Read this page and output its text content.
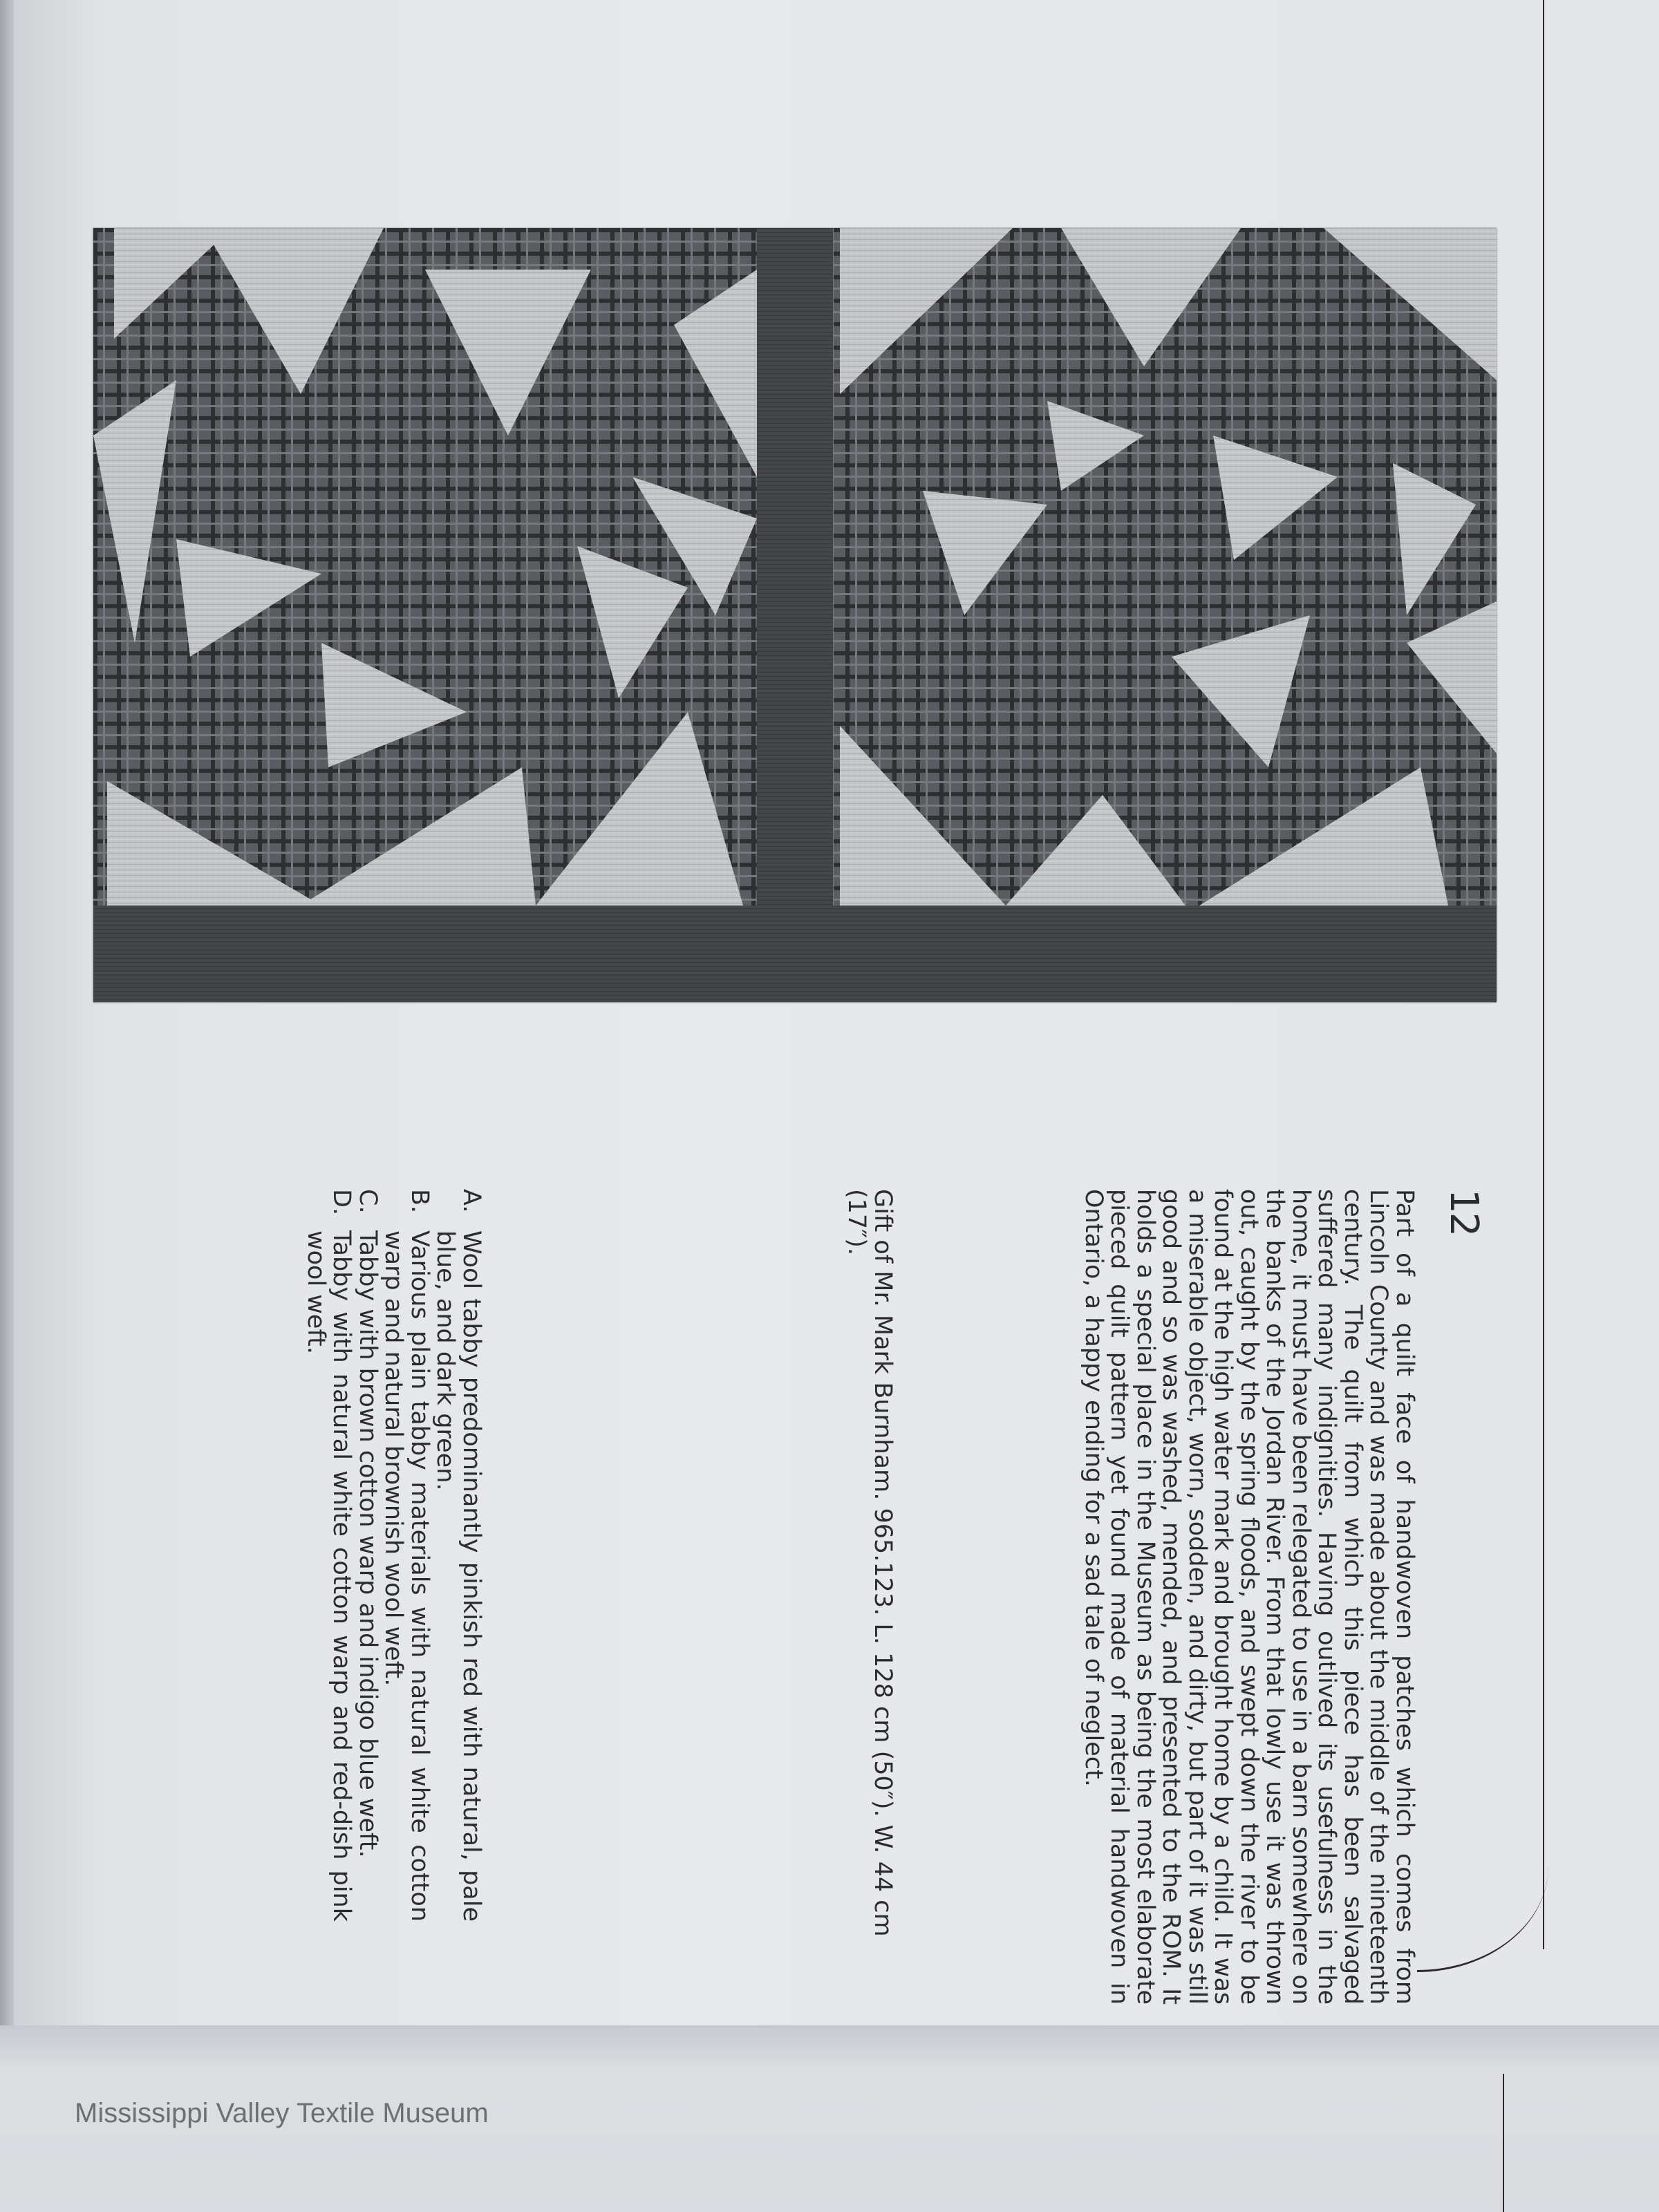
12
Part of a quilt face of handwoven patches which comes from Lincoln County and was made about the middle of the nineteenth century. The quilt from which this piece has been salvaged suffered many indignities. Having outlived its usefulness in the home, it must have been relegated to use in a barn somewhere on the banks of the Jordan River. From that lowly use it was thrown out, caught by the spring floods, and swept down the river to be found at the high water mark and brought home by a child. It was a miserable object, worn, sodden, and dirty, but part of it was still good and so was washed, mended, and presented to the ROM. It holds a special place in the Museum as being the most elaborate pieced quilt pattern yet found made of material handwoven in Ontario, a happy ending for a sad tale of neglect.
Gift of Mr. Mark Burnham. 965.123. L. 128 cm (50″). W. 44 cm (17″).
A.
Wool tabby predominantly pinkish red with natural, pale blue, and dark green.
B.
Various plain tabby materials with natural white cotton warp and natural brownish wool weft.
C.
Tabby with brown cotton warp and indigo blue weft.
D.
Tabby with natural white cotton warp and red-dish pink wool weft.
Mississippi Valley Textile Museum
